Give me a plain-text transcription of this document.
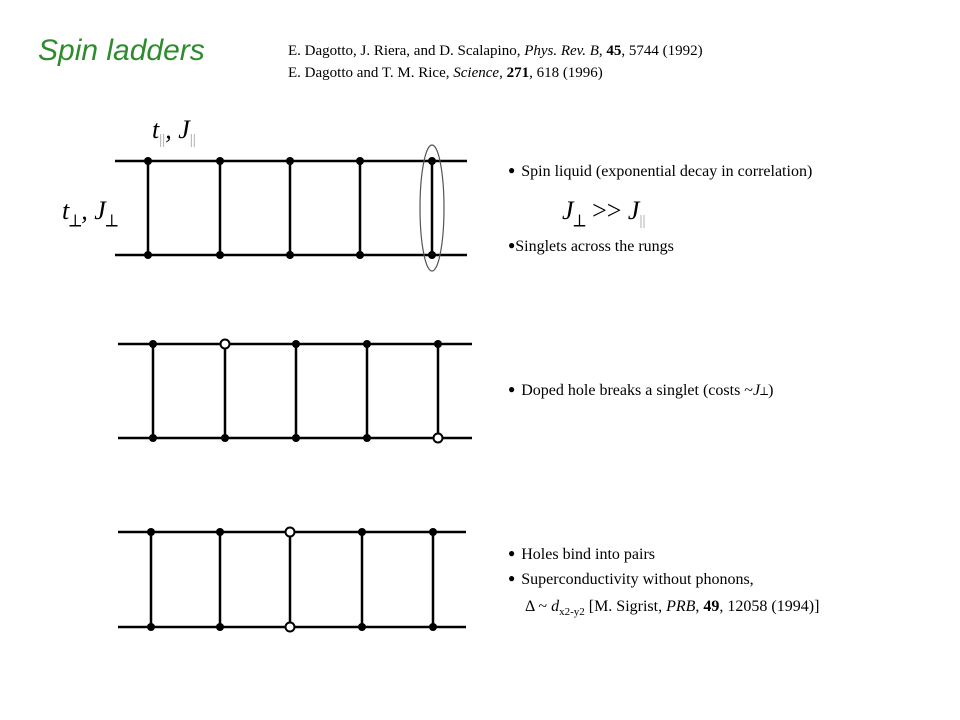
Spin ladders	E. Dagotto, J. Riera, and D. Scalapino, Phys. Rev. B, 45, 5744 (1992)
E. Dagotto and T. M. Rice, Science, 271, 618 (1996)
$t_{||}$, $J_{||}$
$t_⟂$, $J_⟂$	$J_⟂ >> J_{||}$
● Spin liquid (exponential decay in correlation)
●Singlets across the rungs
● Doped hole breaks a singlet (costs ~J⟂)
● Holes bind into pairs
● Superconductivity without phonons,
Δ ~ $d_{x2-y2}$ [M. Sigrist, PRB, 49, 12058 (1994)]
